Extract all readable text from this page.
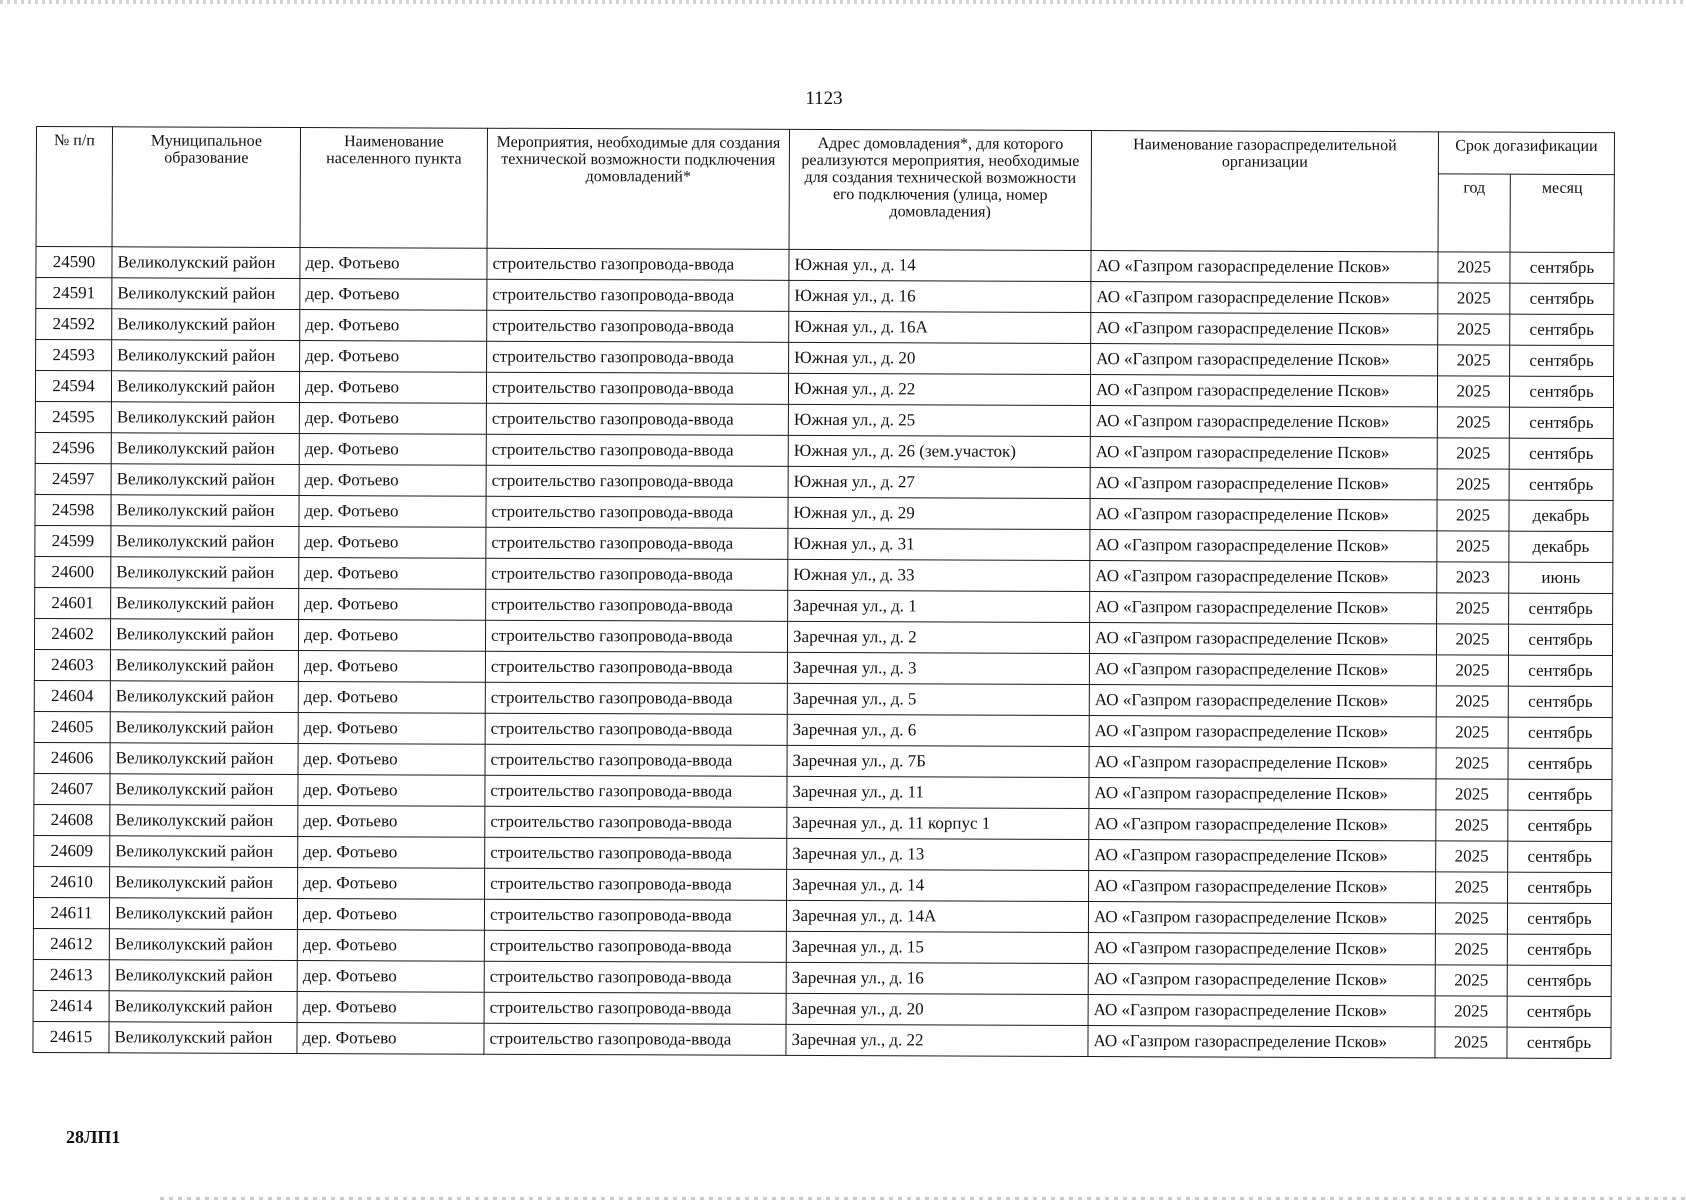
1123
№ п/п	Муниципальное образование	Наименование населенного пункта	Мероприятия, необходимые для создания технической возможности подключения домовладений*	Адрес домовладения*, для которого реализуются мероприятия, необходимые для создания технической возможности его подключения (улица, номер домовладения)	Наименование газораспределительной организации	Срок догазификации	
						год	месяц
24590	Великолукский район	дер. Фотьево	строительство газопровода-ввода	Южная ул., д. 14	АО «Газпром газораспределение Псков»	2025	сентябрь
24591	Великолукский район	дер. Фотьево	строительство газопровода-ввода	Южная ул., д. 16	АО «Газпром газораспределение Псков»	2025	сентябрь
24592	Великолукский район	дер. Фотьево	строительство газопровода-ввода	Южная ул., д. 16А	АО «Газпром газораспределение Псков»	2025	сентябрь
24593	Великолукский район	дер. Фотьево	строительство газопровода-ввода	Южная ул., д. 20	АО «Газпром газораспределение Псков»	2025	сентябрь
24594	Великолукский район	дер. Фотьево	строительство газопровода-ввода	Южная ул., д. 22	АО «Газпром газораспределение Псков»	2025	сентябрь
24595	Великолукский район	дер. Фотьево	строительство газопровода-ввода	Южная ул., д. 25	АО «Газпром газораспределение Псков»	2025	сентябрь
24596	Великолукский район	дер. Фотьево	строительство газопровода-ввода	Южная ул., д. 26 (зем.участок)	АО «Газпром газораспределение Псков»	2025	сентябрь
24597	Великолукский район	дер. Фотьево	строительство газопровода-ввода	Южная ул., д. 27	АО «Газпром газораспределение Псков»	2025	сентябрь
24598	Великолукский район	дер. Фотьево	строительство газопровода-ввода	Южная ул., д. 29	АО «Газпром газораспределение Псков»	2025	декабрь
24599	Великолукский район	дер. Фотьево	строительство газопровода-ввода	Южная ул., д. 31	АО «Газпром газораспределение Псков»	2025	декабрь
24600	Великолукский район	дер. Фотьево	строительство газопровода-ввода	Южная ул., д. 33	АО «Газпром газораспределение Псков»	2023	июнь
24601	Великолукский район	дер. Фотьево	строительство газопровода-ввода	Заречная ул., д. 1	АО «Газпром газораспределение Псков»	2025	сентябрь
24602	Великолукский район	дер. Фотьево	строительство газопровода-ввода	Заречная ул., д. 2	АО «Газпром газораспределение Псков»	2025	сентябрь
24603	Великолукский район	дер. Фотьево	строительство газопровода-ввода	Заречная ул., д. 3	АО «Газпром газораспределение Псков»	2025	сентябрь
24604	Великолукский район	дер. Фотьево	строительство газопровода-ввода	Заречная ул., д. 5	АО «Газпром газораспределение Псков»	2025	сентябрь
24605	Великолукский район	дер. Фотьево	строительство газопровода-ввода	Заречная ул., д. 6	АО «Газпром газораспределение Псков»	2025	сентябрь
24606	Великолукский район	дер. Фотьево	строительство газопровода-ввода	Заречная ул., д. 7Б	АО «Газпром газораспределение Псков»	2025	сентябрь
24607	Великолукский район	дер. Фотьево	строительство газопровода-ввода	Заречная ул., д. 11	АО «Газпром газораспределение Псков»	2025	сентябрь
24608	Великолукский район	дер. Фотьево	строительство газопровода-ввода	Заречная ул., д. 11 корпус 1	АО «Газпром газораспределение Псков»	2025	сентябрь
24609	Великолукский район	дер. Фотьево	строительство газопровода-ввода	Заречная ул., д. 13	АО «Газпром газораспределение Псков»	2025	сентябрь
24610	Великолукский район	дер. Фотьево	строительство газопровода-ввода	Заречная ул., д. 14	АО «Газпром газораспределение Псков»	2025	сентябрь
24611	Великолукский район	дер. Фотьево	строительство газопровода-ввода	Заречная ул., д. 14А	АО «Газпром газораспределение Псков»	2025	сентябрь
24612	Великолукский район	дер. Фотьево	строительство газопровода-ввода	Заречная ул., д. 15	АО «Газпром газораспределение Псков»	2025	сентябрь
24613	Великолукский район	дер. Фотьево	строительство газопровода-ввода	Заречная ул., д. 16	АО «Газпром газораспределение Псков»	2025	сентябрь
24614	Великолукский район	дер. Фотьево	строительство газопровода-ввода	Заречная ул., д. 20	АО «Газпром газораспределение Псков»	2025	сентябрь
24615	Великолукский район	дер. Фотьево	строительство газопровода-ввода	Заречная ул., д. 22	АО «Газпром газораспределение Псков»	2025	сентябрь
28ЛП1
